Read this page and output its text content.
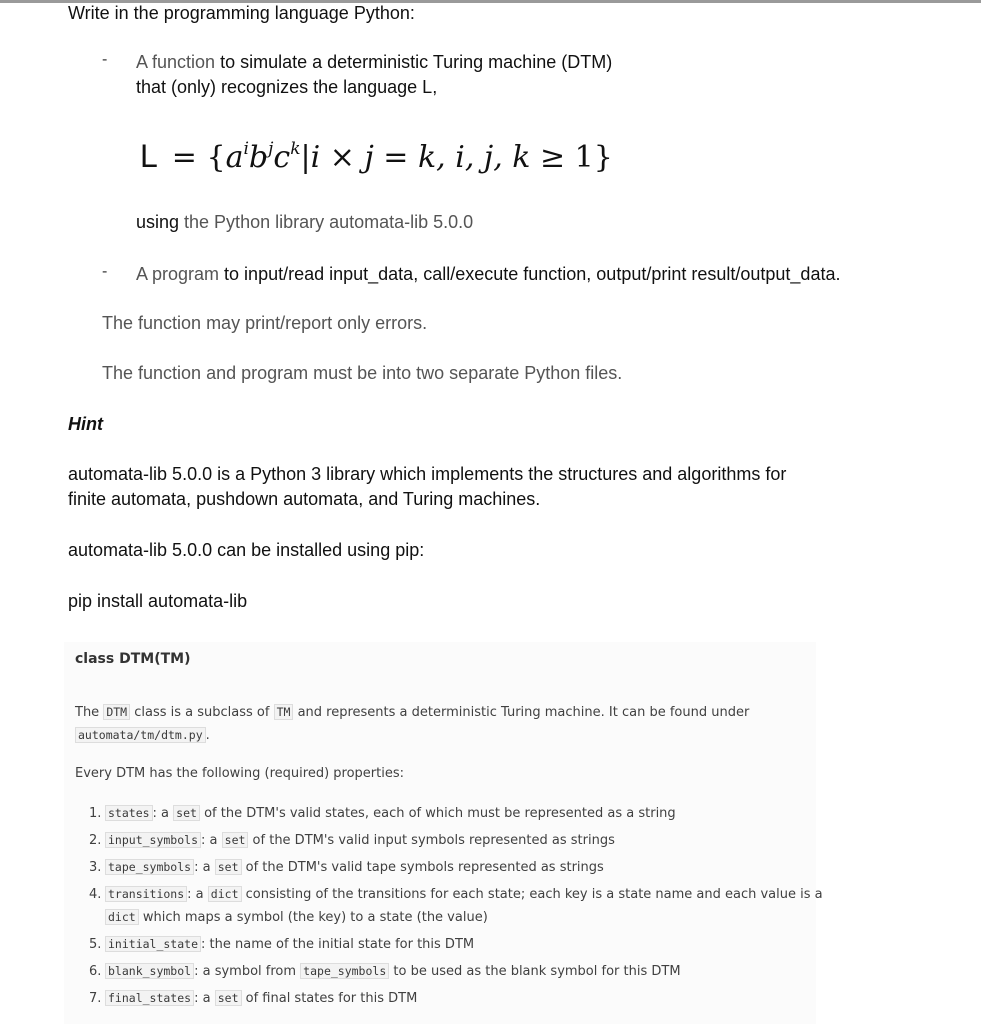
Write in the programming language Python:
- A function to simulate a deterministic Turing machine (DTM)
that (only) recognizes the language L,
$L = \{a^ib^jc^k|i \times j = k$, i, j, k ≥ 1}
using the Python library automata-lib 5.0.0
- A program to input/read input_data, call/execute function, output/print result/output_data.
The function may print/report only errors.
The function and program must be into two separate Python files.
Hint
automata-lib 5.0.0 is a Python 3 library which implements the structures and algorithms for
finite automata, pushdown automata, and Turing machines.
automata-lib 5.0.0 can be installed using pip:
pip install automata-lib
class DTM(TM)
The DTM class is a subclass of TM and represents a deterministic Turing machine. It can be found under
automata/tm/dtm.py .
Every DTM has the following (required) properties:
1. states : a set of the DTM's valid states, each of which must be represented as a string
2. input_symbols : a set of the DTM's valid input symbols represented as strings
3. tape_symbols : a set of the DTM's valid tape symbols represented as strings
4. transitions : a dict consisting of the transitions for each state; each key is a state name and each value is a
dict which maps a symbol (the key) to a state (the value)
5. initial_state : the name of the initial state for this DTM
6. blank_symbol : a symbol from tape_symbols to be used as the blank symbol for this DTM
7. final_states : a set of final states for this DTM
